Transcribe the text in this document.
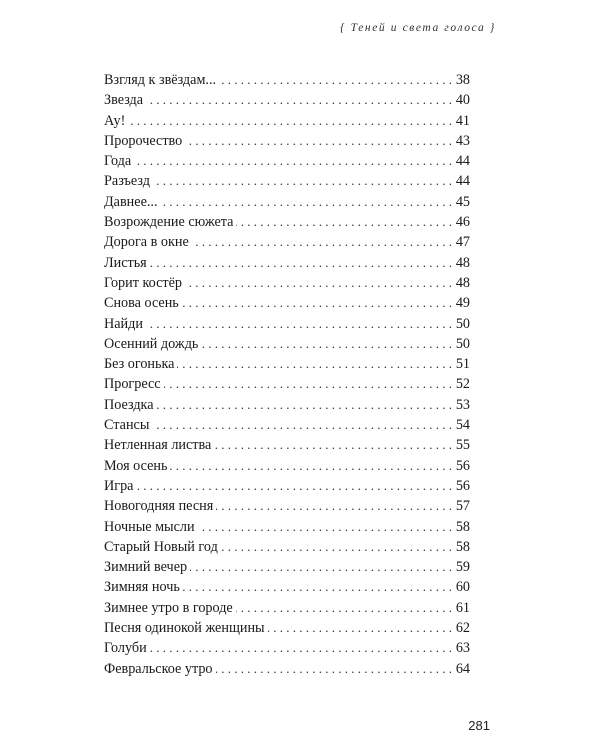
{ Теней и света голоса }
Взгляд к звёздам... . . .	38
Звезда . . .	40
Ау! . . .	41
Пророчество . . .	43
Года . . .	44
Разъезд . . .	44
Давнее... . . .	45
Возрождение сюжета . . .	46
Дорога в окне . . .	47
Листья . . .	48
Горит костёр . . .	48
Снова осень . . .	49
Найди . . .	50
Осенний дождь . . .	50
Без огонька . . .	51
Прогресс . . .	52
Поездка . . .	53
Стансы . . .	54
Нетленная листва . . .	55
Моя осень . . .	56
Игра . . .	56
Новогодняя песня . . .	57
Ночные мысли . . .	58
Старый Новый год . . .	58
Зимний вечер . . .	59
Зимняя ночь . . .	60
Зимнее утро в городе . . .	61
Песня одинокой женщины . . .	62
Голуби . . .	63
Февральское утро . . .	64
281
